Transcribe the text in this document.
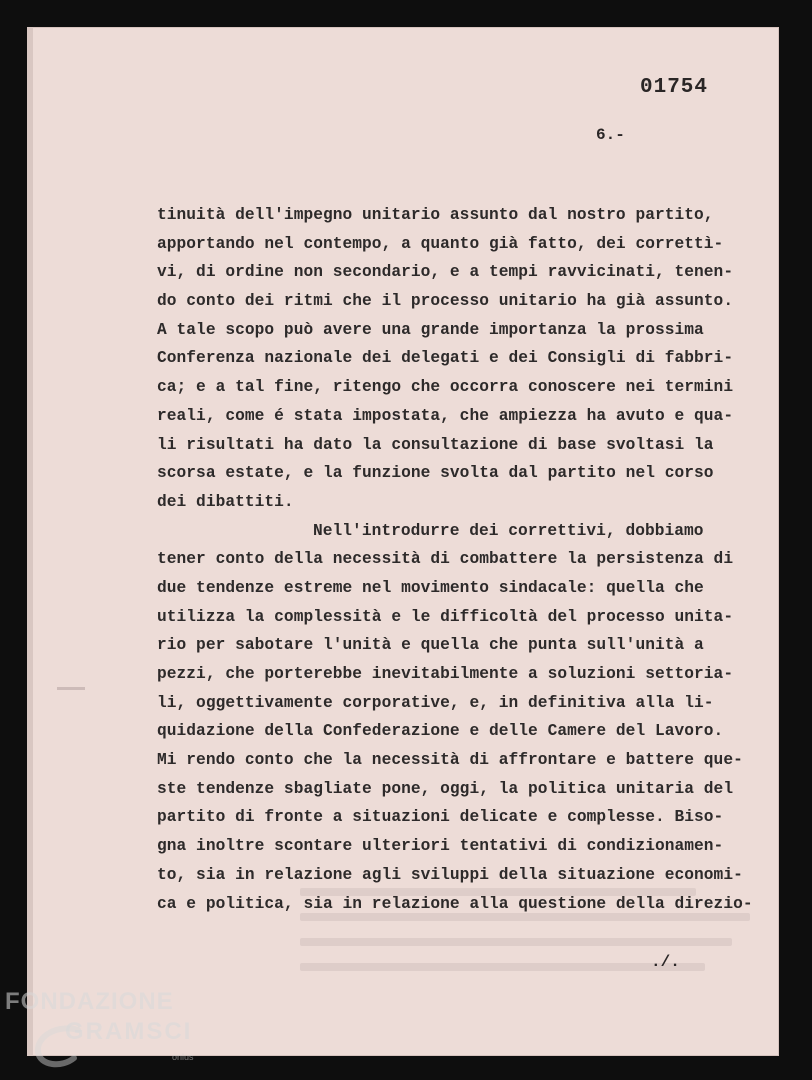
01754
6.-
tinuità dell'impegno unitario assunto dal nostro partito,
apportando nel contempo, a quanto già fatto, dei correttì-
vi, di ordine non secondario, e a tempi ravvicinati, tenen-
do conto dei ritmi che il processo unitario ha già assunto.
A tale scopo può avere una grande importanza la prossima
Conferenza nazionale dei delegati e dei Consigli di fabbri-
ca; e a tal fine, ritengo che occorra conoscere nei termini
reali, come é stata impostata, che ampiezza ha avuto e qua-
li risultati ha dato la consultazione di base svoltasi la
scorsa estate, e la funzione svolta dal partito nel corso
dei dibattiti.
Nell'introdurre dei correttivi, dobbiamo
tener conto della necessità di combattere la persistenza di
due tendenze estreme nel movimento sindacale: quella che
utilizza la complessità e le difficoltà del processo unita-
rio per sabotare l'unità e quella che punta sull'unità a
pezzi, che porterebbe inevitabilmente a soluzioni settoria-
li, oggettivamente corporative, e, in definitiva alla li-
quidazione della Confederazione e delle Camere del Lavoro.
Mi rendo conto che la necessità di affrontare e battere que-
ste tendenze sbagliate pone, oggi, la politica unitaria del
partito di fronte a situazioni delicate e complesse. Biso-
gna inoltre scontare ulteriori tentativi di condizionamen-
to, sia in relazione agli sviluppi della situazione economi-
ca e politica, sia in relazione alla questione della direzio-
./.
FONDAZIONE
GRAMSCI
onlus
